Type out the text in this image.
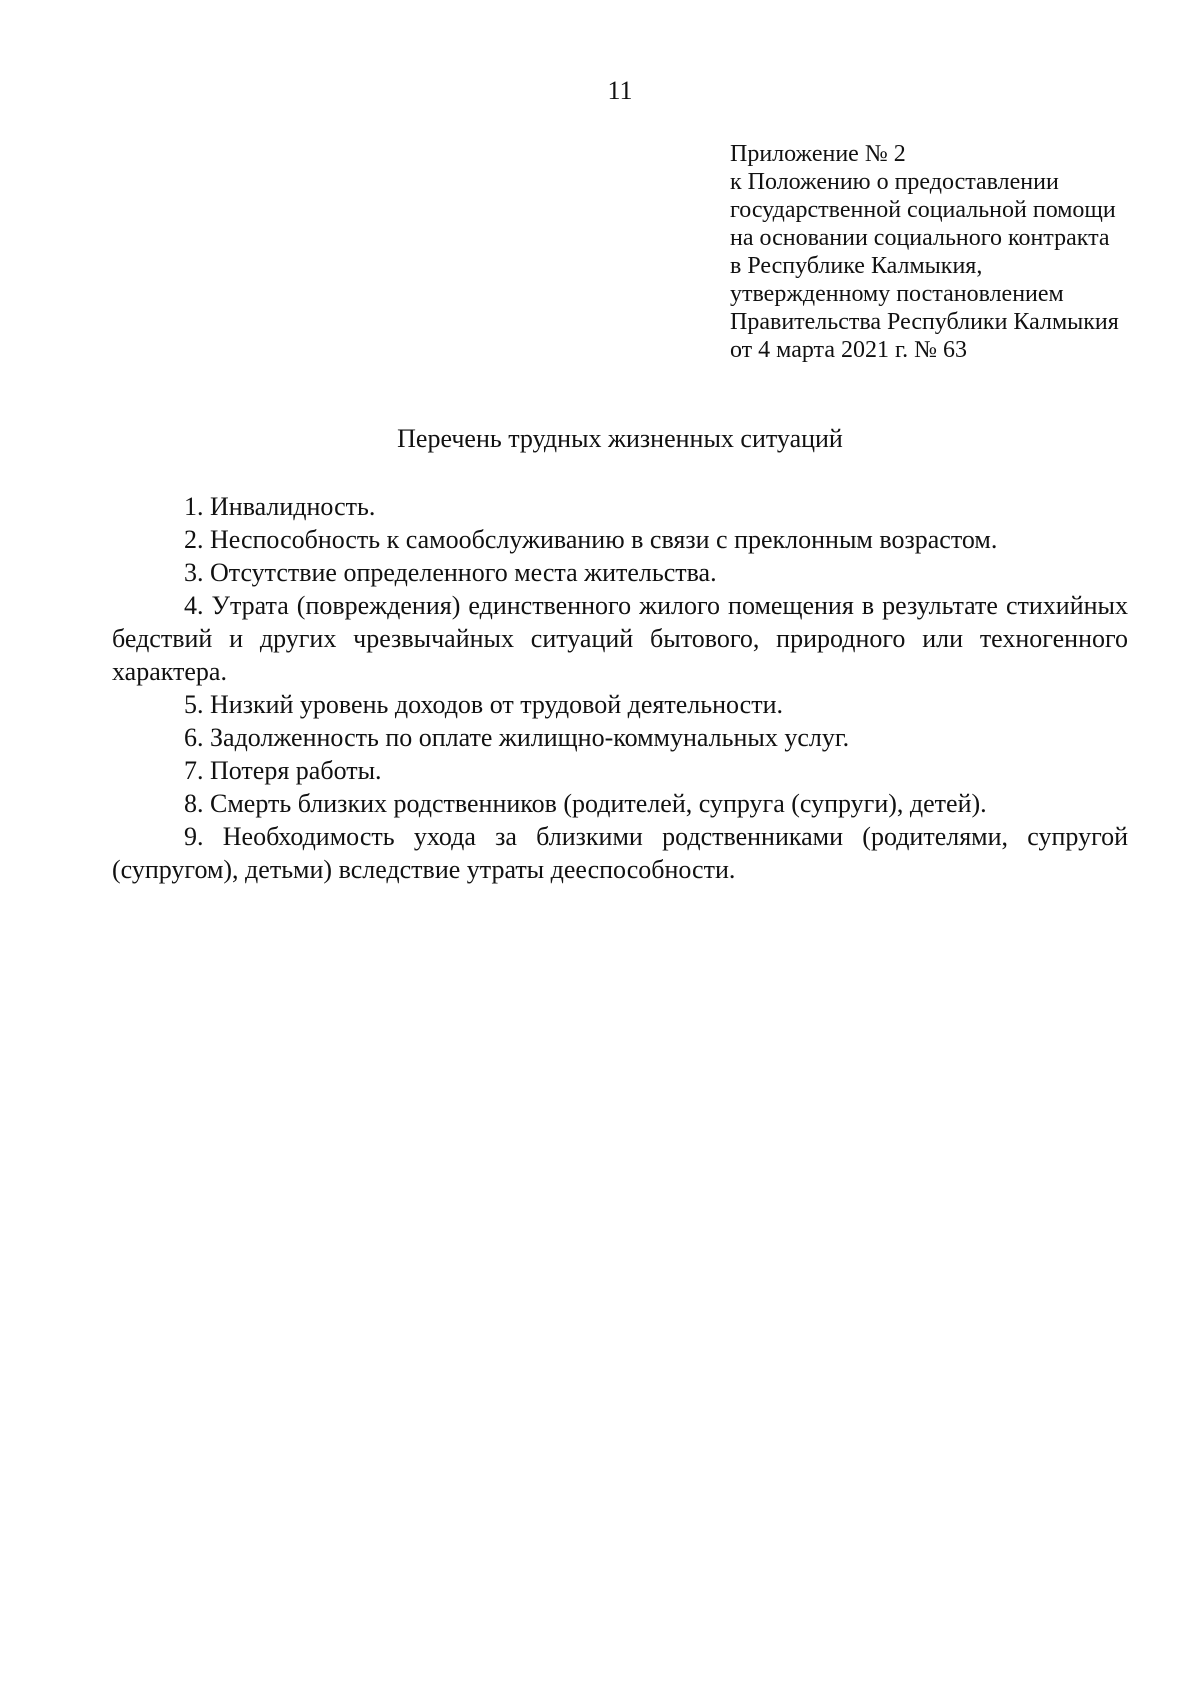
11
Приложение № 2
к Положению о предоставлении
государственной социальной помощи
на основании социального контракта
в Республике Калмыкия,
утвержденному постановлением
Правительства Республики Калмыкия
от 4 марта 2021 г. № 63
Перечень трудных жизненных ситуаций

1. Инвалидность.

2. Неспособность к самообслуживанию в связи с преклонным возрастом.

3. Отсутствие определенного места жительства.

4. Утрата (повреждения) единственного жилого помещения в результате стихийных бедствий и других чрезвычайных ситуаций бытового, природного или техногенного характера.

5. Низкий уровень доходов от трудовой деятельности.

6. Задолженность по оплате жилищно-коммунальных услуг.

7. Потеря работы.

8. Смерть близких родственников (родителей, супруга (супруги), детей).

9. Необходимость ухода за близкими родственниками (родителями, супругой (супругом), детьми) вследствие утраты дееспособности.
